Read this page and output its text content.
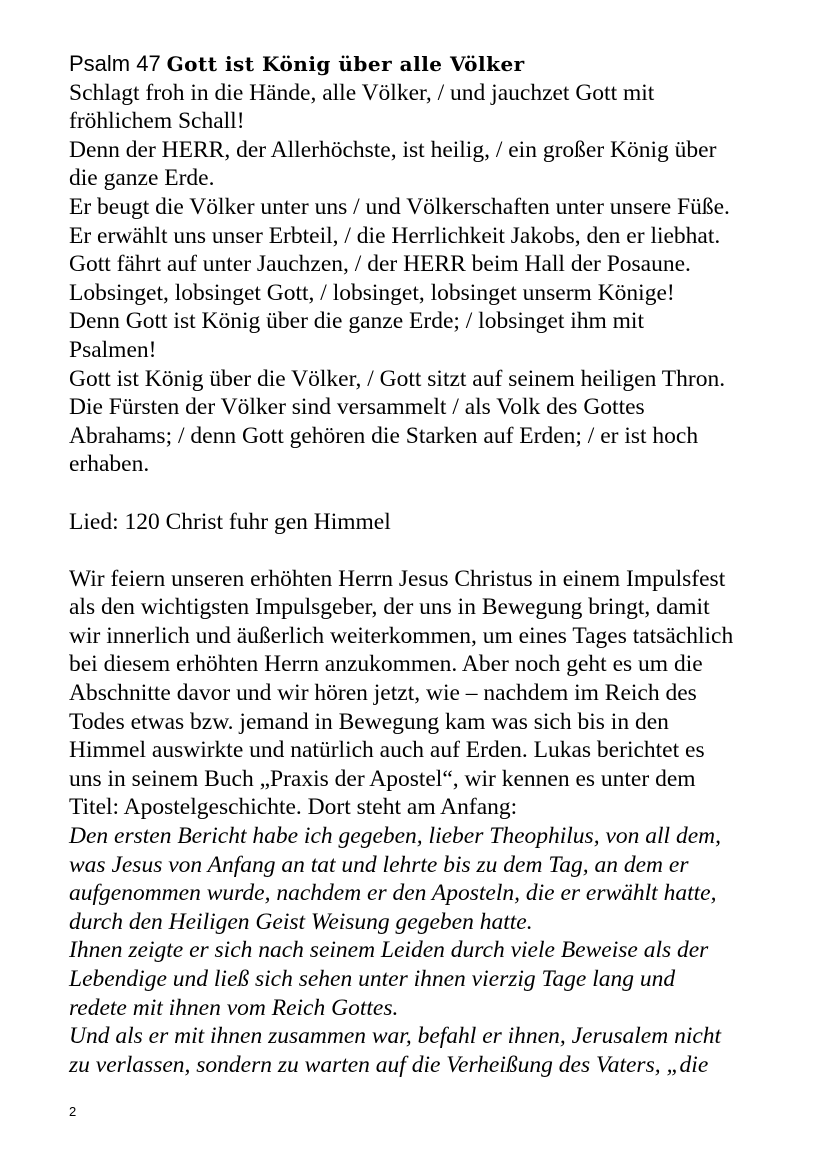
Psalm 47 Gott ist König über alle Völker
Schlagt froh in die Hände, alle Völker, / und jauchzet Gott mit
fröhlichem Schall!
Denn der HERR, der Allerhöchste, ist heilig, / ein großer König über
die ganze Erde.
Er beugt die Völker unter uns / und Völkerschaften unter unsere Füße.
Er erwählt uns unser Erbteil, / die Herrlichkeit Jakobs, den er liebhat.
Gott fährt auf unter Jauchzen, / der HERR beim Hall der Posaune.
Lobsinget, lobsinget Gott, / lobsinget, lobsinget unserm Könige!
Denn Gott ist König über die ganze Erde; / lobsinget ihm mit
Psalmen!
Gott ist König über die Völker, / Gott sitzt auf seinem heiligen Thron.
Die Fürsten der Völker sind versammelt / als Volk des Gottes
Abrahams; / denn Gott gehören die Starken auf Erden; / er ist hoch
erhaben.
Lied: 120 Christ fuhr gen Himmel
Wir feiern unseren erhöhten Herrn Jesus Christus in einem Impulsfest
als den wichtigsten Impulsgeber, der uns in Bewegung bringt, damit
wir innerlich und äußerlich weiterkommen, um eines Tages tatsächlich
bei diesem erhöhten Herrn anzukommen. Aber noch geht es um die
Abschnitte davor und wir hören jetzt, wie – nachdem im Reich des
Todes etwas bzw. jemand in Bewegung kam was sich bis in den
Himmel auswirkte und natürlich auch auf Erden. Lukas berichtet es
uns in seinem Buch „Praxis der Apostel“, wir kennen es unter dem
Titel: Apostelgeschichte. Dort steht am Anfang:
Den ersten Bericht habe ich gegeben, lieber Theophilus, von all dem,
was Jesus von Anfang an tat und lehrte bis zu dem Tag, an dem er
aufgenommen wurde, nachdem er den Aposteln, die er erwählt hatte,
durch den Heiligen Geist Weisung gegeben hatte.
Ihnen zeigte er sich nach seinem Leiden durch viele Beweise als der
Lebendige und ließ sich sehen unter ihnen vierzig Tage lang und
redete mit ihnen vom Reich Gottes.
Und als er mit ihnen zusammen war, befahl er ihnen, Jerusalem nicht
zu verlassen, sondern zu warten auf die Verheißung des Vaters, „die
2
